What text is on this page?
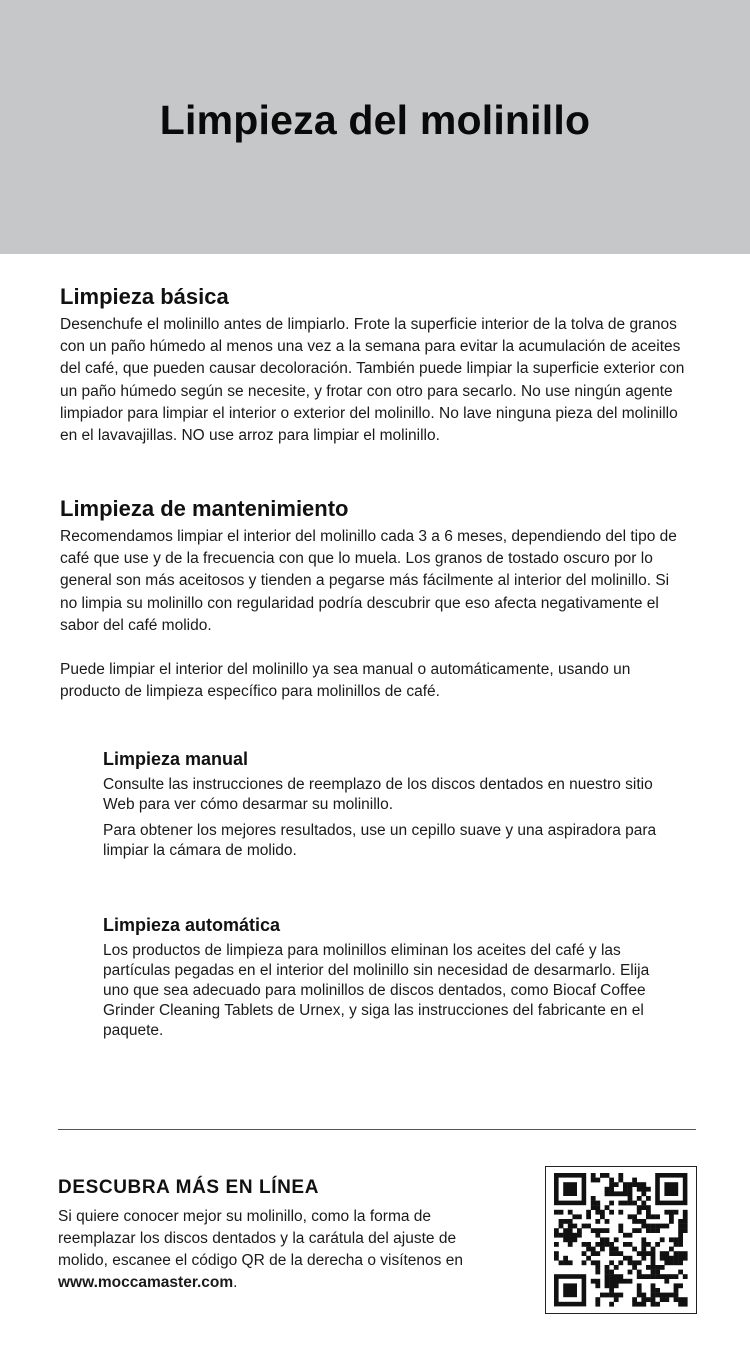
Limpieza del molinillo
Limpieza básica

Desenchufe el molinillo antes de limpiarlo. Frote la superficie interior de la tolva de granos con un paño húmedo al menos una vez a la semana para evitar la acumulación de aceites del café, que pueden causar decoloración. También puede limpiar la superficie exterior con un paño húmedo según se necesite, y frotar con otro para secarlo. No use ningún agente limpiador para limpiar el interior o exterior del molinillo. No lave ninguna pieza del molinillo en el lavavajillas. NO use arroz para limpiar el molinillo.

Limpieza de mantenimiento

Recomendamos limpiar el interior del molinillo cada 3 a 6 meses, dependiendo del tipo de café que use y de la frecuencia con que lo muela. Los granos de tostado oscuro por lo general son más aceitosos y tienden a pegarse más fácilmente al interior del molinillo. Si no limpia su molinillo con regularidad podría descubrir que eso afecta negativamente el sabor del café molido.

Puede limpiar el interior del molinillo ya sea manual o automáticamente, usando un producto de limpieza específico para molinillos de café.

Limpieza manual

Consulte las instrucciones de reemplazo de los discos dentados en nuestro sitio Web para ver cómo desarmar su molinillo.

Para obtener los mejores resultados, use un cepillo suave y una aspiradora para limpiar la cámara de molido.

Limpieza automática

Los productos de limpieza para molinillos eliminan los aceites del café y las partículas pegadas en el interior del molinillo sin necesidad de desarmarlo. Elija uno que sea adecuado para molinillos de discos dentados, como Biocaf Coffee Grinder Cleaning Tablets de Urnex, y siga las instrucciones del fabricante en el paquete.

DESCUBRA MÁS EN LÍNEA

Si quiere conocer mejor su molinillo, como la forma de reemplazar los discos dentados y la carátula del ajuste de molido, escanee el código QR de la derecha o visítenos en www.moccamaster.com.
